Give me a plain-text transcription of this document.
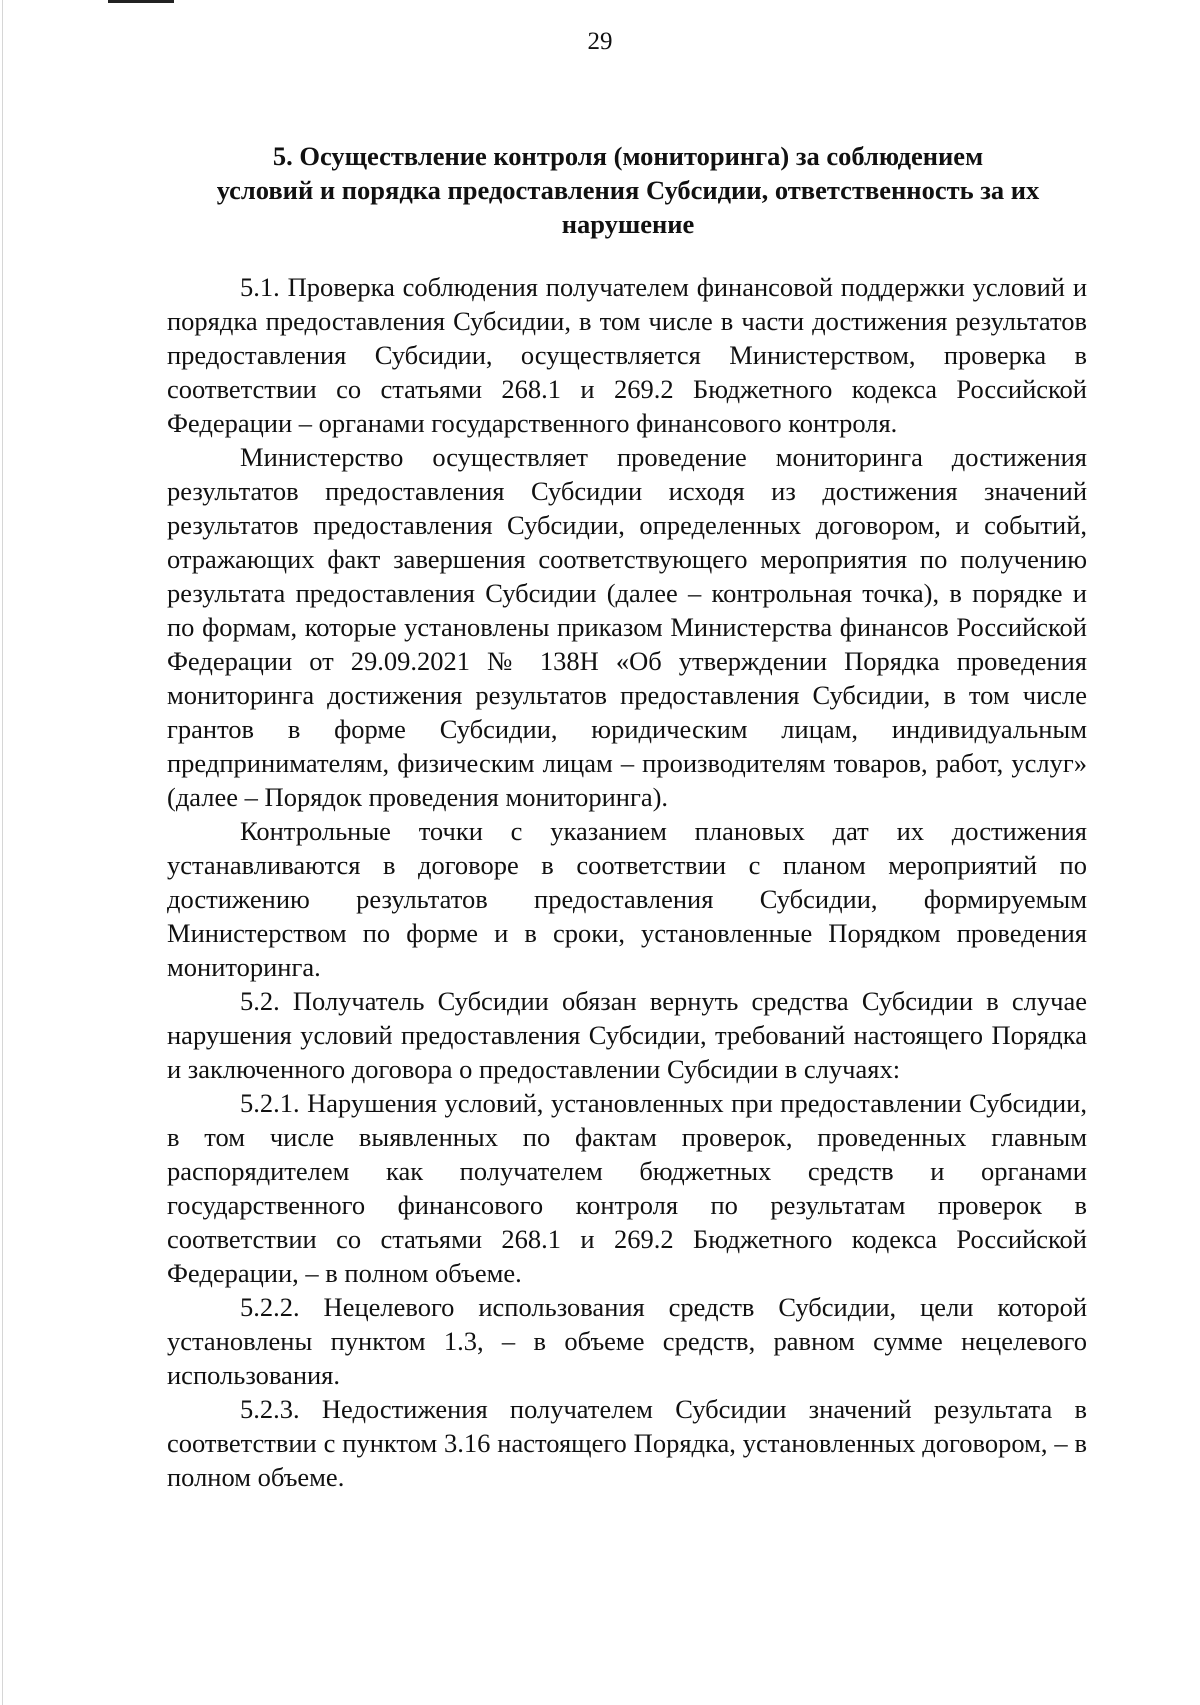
29
5. Осуществление контроля (мониторинга) за соблюдением
условий и порядка предоставления Субсидии, ответственность за их
нарушение

5.1. Проверка соблюдения получателем финансовой поддержки условий и порядка предоставления Субсидии, в том числе в части достижения результатов предоставления Субсидии, осуществляется Министерством, проверка в соответствии со статьями 268.1 и 269.2 Бюджетного кодекса Российской Федерации – органами государственного финансового контроля.

Министерство осуществляет проведение мониторинга достижения результатов предоставления Субсидии исходя из достижения значений результатов предоставления Субсидии, определенных договором, и событий, отражающих факт завершения соответствующего мероприятия по получению результата предоставления Субсидии (далее – контрольная точка), в порядке и по формам, которые установлены приказом Министерства финансов Российской Федерации от 29.09.2021 № 138Н «Об утверждении Порядка проведения мониторинга достижения результатов предоставления Субсидии, в том числе грантов в форме Субсидии, юридическим лицам, индивидуальным предпринимателям, физическим лицам – производителям товаров, работ, услуг» (далее – Порядок проведения мониторинга).

Контрольные точки с указанием плановых дат их достижения устанавливаются в договоре в соответствии с планом мероприятий по достижению результатов предоставления Субсидии, формируемым Министерством по форме и в сроки, установленные Порядком проведения мониторинга.

5.2. Получатель Субсидии обязан вернуть средства Субсидии в случае нарушения условий предоставления Субсидии, требований настоящего Порядка и заключенного договора о предоставлении Субсидии в случаях:

5.2.1. Нарушения условий, установленных при предоставлении Субсидии, в том числе выявленных по фактам проверок, проведенных главным распорядителем как получателем бюджетных средств и органами государственного финансового контроля по результатам проверок в соответствии со статьями 268.1 и 269.2 Бюджетного кодекса Российской Федерации, – в полном объеме.

5.2.2. Нецелевого использования средств Субсидии, цели которой установлены пунктом 1.3, – в объеме средств, равном сумме нецелевого использования.

5.2.3. Недостижения получателем Субсидии значений результата в соответствии с пунктом 3.16 настоящего Порядка, установленных договором, – в полном объеме.
